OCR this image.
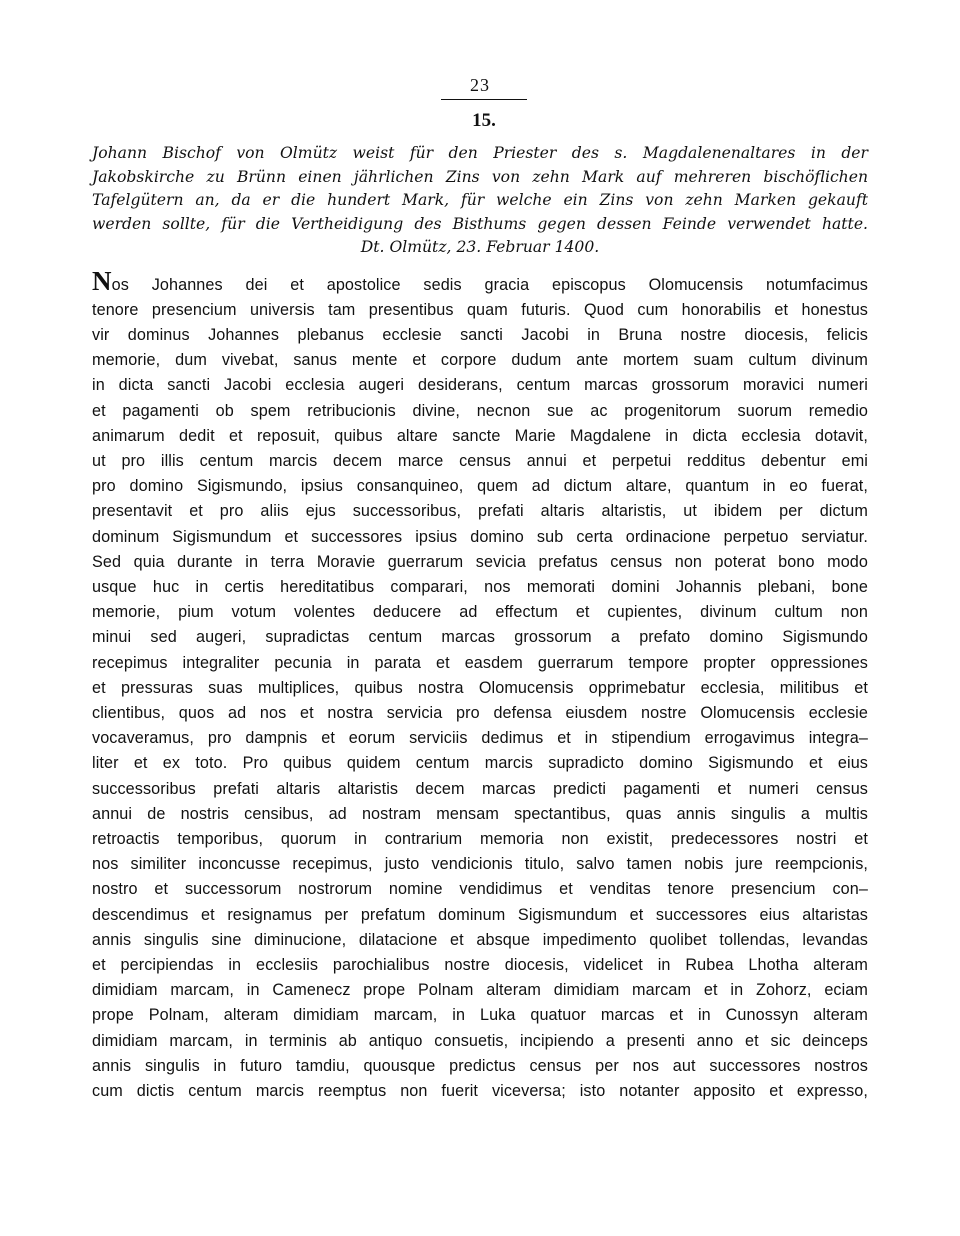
23
15.
Johann Bischof von Olmütz weist für den Priester des s. Magdalenenaltares in der
Jakobskirche zu Brünn einen jährlichen Zins von zehn Mark auf mehreren bischöflichen
Tafelgütern an, da er die hundert Mark, für welche ein Zins von zehn Marken gekauft
werden sollte, für die Vertheidigung des Bisthums gegen dessen Feinde verwendet hatte.
Dt. Olmütz, 23. Februar 1400.
Nos Johannes dei et apostolice sedis gracia episcopus Olomucensis notumfacimus
tenore presencium universis tam presentibus quam futuris. Quod cum honorabilis et honestus
vir dominus Johannes plebanus ecclesie sancti Jacobi in Bruna nostre diocesis, felicis
memorie, dum vivebat, sanus mente et corpore dudum ante mortem suam cultum divinum
in dicta sancti Jacobi ecclesia augeri desiderans, centum marcas grossorum moravici numeri
et pagamenti ob spem retribucionis divine, necnon sue ac progenitorum suorum remedio
animarum dedit et reposuit, quibus altare sancte Marie Magdalene in dicta ecclesia dotavit,
ut pro illis centum marcis decem marce census annui et perpetui redditus debentur emi
pro domino Sigismundo, ipsius consanquineo, quem ad dictum altare, quantum in eo fuerat,
presentavit et pro aliis ejus successoribus, prefati altaris altaristis, ut ibidem per dictum
dominum Sigismundum et successores ipsius domino sub certa ordinacione perpetuo serviatur.
Sed quia durante in terra Moravie guerrarum sevicia prefatus census non poterat bono modo
usque huc in certis hereditatibus comparari, nos memorati domini Johannis plebani, bone
memorie, pium votum volentes deducere ad effectum et cupientes, divinum cultum non
minui sed augeri, supradictas centum marcas grossorum a prefato domino Sigismundo
recepimus integraliter pecunia in parata et easdem guerrarum tempore propter oppressiones
et pressuras suas multiplices, quibus nostra Olomucensis opprimebatur ecclesia, militibus et
clientibus, quos ad nos et nostra servicia pro defensa eiusdem nostre Olomucensis ecclesie
vocaveramus, pro dampnis et eorum serviciis dedimus et in stipendium errogavimus integra–
liter et ex toto. Pro quibus quidem centum marcis supradicto domino Sigismundo et eius
successoribus prefati altaris altaristis decem marcas predicti pagamenti et numeri census
annui de nostris censibus, ad nostram mensam spectantibus, quas annis singulis a multis
retroactis temporibus, quorum in contrarium memoria non existit, predecessores nostri et
nos similiter inconcusse recepimus, justo vendicionis titulo, salvo tamen nobis jure reempcionis,
nostro et successorum nostrorum nomine vendidimus et venditas tenore presencium con–
descendimus et resignamus per prefatum dominum Sigismundum et successores eius altaristas
annis singulis sine diminucione, dilatacione et absque impedimento quolibet tollendas, levandas
et percipiendas in ecclesiis parochialibus nostre diocesis, videlicet in Rubea Lhotha alteram
dimidiam marcam, in Camenecz prope Polnam alteram dimidiam marcam et in Zohorz, eciam
prope Polnam, alteram dimidiam marcam, in Luka quatuor marcas et in Cunossyn alteram
dimidiam marcam, in terminis ab antiquo consuetis, incipiendo a presenti anno et sic deinceps
annis singulis in futuro tamdiu, quousque predictus census per nos aut successores nostros
cum dictis centum marcis reemptus non fuerit viceversa; isto notanter apposito et expresso,
